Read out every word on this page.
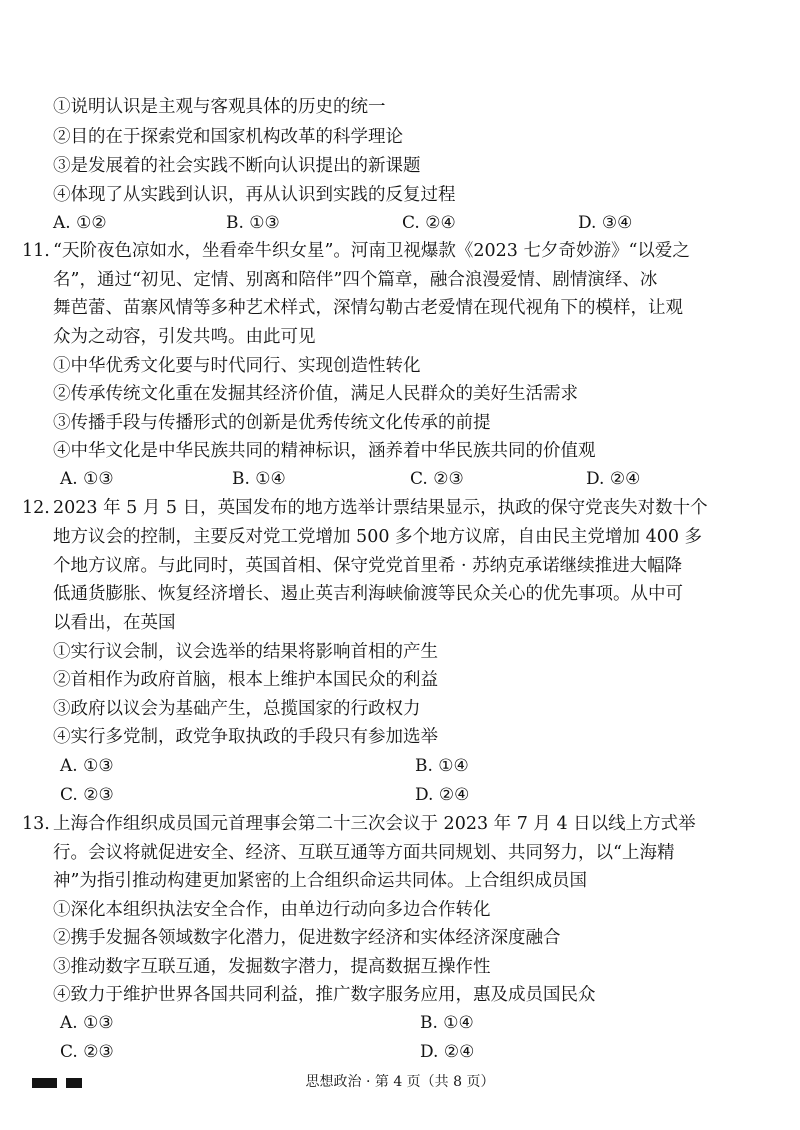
①说明认识是主观与客观具体的历史的统一
②目的在于探索党和国家机构改革的科学理论
③是发展着的社会实践不断向认识提出的新课题
④体现了从实践到认识，再从认识到实践的反复过程
A. ①②	B. ①③	C. ②④	D. ③④
11. “天阶夜色凉如水，坐看牵牛织女星”。河南卫视爆款《2023 七夕奇妙游》“以爱之
名”，通过“初见、定情、别离和陪伴”四个篇章，融合浪漫爱情、剧情演绎、冰
舞芭蕾、苗寨风情等多种艺术样式，深情勾勒古老爱情在现代视角下的模样，让观
众为之动容，引发共鸣。由此可见
①中华优秀文化要与时代同行、实现创造性转化
②传承传统文化重在发掘其经济价值，满足人民群众的美好生活需求
③传播手段与传播形式的创新是优秀传统文化传承的前提
④中华文化是中华民族共同的精神标识，涵养着中华民族共同的价值观
A. ①③	B. ①④	C. ②③	D. ②④
12. 2023 年 5 月 5 日，英国发布的地方选举计票结果显示，执政的保守党丧失对数十个
地方议会的控制，主要反对党工党增加 500 多个地方议席，自由民主党增加 400 多
个地方议席。与此同时，英国首相、保守党党首里希 · 苏纳克承诺继续推进大幅降
低通货膨胀、恢复经济增长、遏止英吉利海峡偷渡等民众关心的优先事项。从中可
以看出，在英国
①实行议会制，议会选举的结果将影响首相的产生
②首相作为政府首脑，根本上维护本国民众的利益
③政府以议会为基础产生，总揽国家的行政权力
④实行多党制，政党争取执政的手段只有参加选举
A. ①③	B. ①④
C. ②③	D. ②④
13. 上海合作组织成员国元首理事会第二十三次会议于 2023 年 7 月 4 日以线上方式举
行。会议将就促进安全、经济、互联互通等方面共同规划、共同努力，以“上海精
神”为指引推动构建更加紧密的上合组织命运共同体。上合组织成员国
①深化本组织执法安全合作，由单边行动向多边合作转化
②携手发掘各领域数字化潜力，促进数字经济和实体经济深度融合
③推动数字互联互通，发掘数字潜力，提高数据互操作性
④致力于维护世界各国共同利益，推广数字服务应用，惠及成员国民众
A. ①③	B. ①④
C. ②③	D. ②④
思想政治 · 第 4 页（共 8 页）
